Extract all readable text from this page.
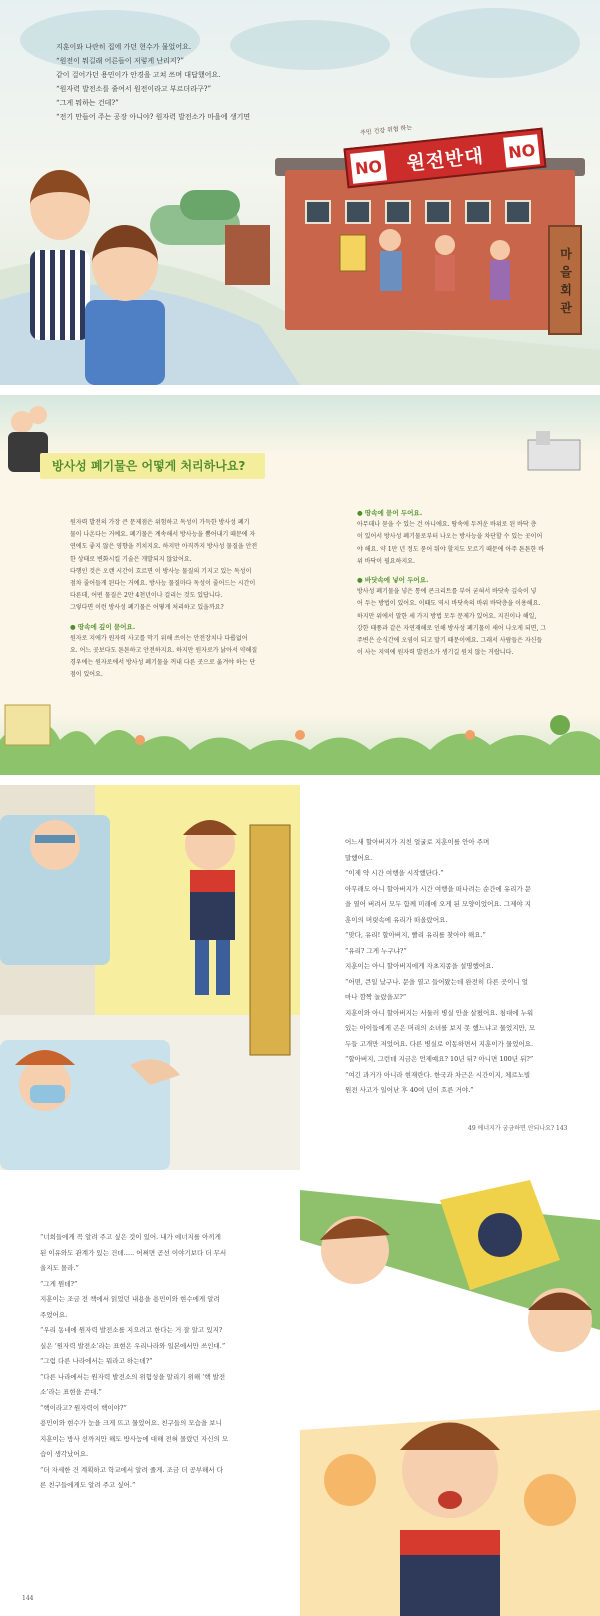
지훈이와 나란히 집에 가던 현수가 물었어요.

“원전이 뭐길래 어른들이 저렇게 난리지?”

같이 걸어가던 용민이가 안경을 고쳐 쓰며 대답했어요.

“원자력 발전소를 줄여서 원전이라고 부르더라구?”

“그게 뭐하는 건데?”

“전기 만들어 주는 공장 아니야? 원자력 발전소가 마을에 생기면

주민 건강 위협 하는
NO 원전반대 NO
마을 회관
방사성 폐기물은 어떻게 처리하나요?

원자력 발전의 가장 큰 문제점은 위험하고 독성이 가득한 방사성 폐기

물이 나온다는 거예요. 폐기물은 계속해서 방사능을 뿜어내기 때문에 자

연에도 좋지 않은 영향을 끼치지요. 하지만 아직까지 방사성 물질을 안전

한 상태로 변화시킬 기술은 개발되지 않았어요.

다행인 것은 오랜 시간이 흐르면 이 방사능 물질의 기지고 있는 독성이

점차 줄어들게 된다는 거예요. 방사능 물질마다 독성이 줄어드는 시간이

다른데, 어떤 물질은 2만 4천년이나 걸리는 것도 있답니다.

그렇다면 이런 방사성 폐기물은 어떻게 처리하고 있을까요?

● 땅속에 깊이 묻어요.

원자로 지에가 원자력 사고를 막기 위해 쓰이는 안전장치나 다룹없어

요. 어느 곳보다도 튼튼하고 안전하지요. 하지만 원자로가 낡아서 약해질

경우에는 원자로에서 방사성 폐기물을 꺼내 다른 곳으로 옮겨야 하는 단

점이 있어요.

● 땅속에 묻어 두어요.

아무데나 묻을 수 있는 건 아니에요. 땅속에 두꺼운 바위로 된 바닥 층

이 있어서 방사성 폐기물로부터 나오는 방사능을 차단할 수 있는 곳이어

야 해요. 약 1만 년 정도 묻어 둬야 할지도 모르기 때문에 아주 튼튼한 바

위 바닥이 필요하지요.

● 바닷속에 넣어 두어요.

방사성 폐기물을 넣은 통에 콘크리트를 부어 굳혀서 바닷속 깊숙이 넣

어 두는 방법이 있어요. 이때도 역시 바닷속의 바위 바닥층을 이용해요.

하지만 위에서 말한 세 가지 방법 모두 문제가 있어요. 지진이나 해일,

강한 태풍과 같은 자연재해로 인해 방사성 폐기물이 새어 나오게 되면, 그

주변은 순식간에 오염이 되고 말기 때문이에요. 그래서 사람들은 자신들

이 사는 지역에 원자력 발전소가 생기길 원치 않는 거랍니다.

어느새 할아버지가 지친 얼굴로 지훈이를 안아 주며

말했어요.

“이제 약 시간 여행을 시작했단다.”

아무래도 아니 할아버지가 시간 여행을 떠나려는 순간에 유리가 문

을 열어 버려서 모두 함께 미래에 오게 된 모양이었어요. 그제야 지

훈이의 머릿속에 유리가 떠올랐어요.

“맞다, 유리! 할아버지, 빨리 유리를 찾아야 해요.”

“유리? 그게 누구냐?”

지훈이는 아니 할아버지에게 자초지종을 설명했어요.

“어떤, 큰일 났구나. 문을 열고 들어왔는데 완전히 다른 곳이니 얼

마나 깜짝 놀랐을꼬?”

지훈이와 아니 할아버지는 서둘러 병실 안을 살폈어요. 침대에 누워

있는 아이들에게 곤은 머리의 소녀를 보지 못 했느냐고 물었지만, 모

두들 고개만 저었어요. 다른 병실로 이동하면서 지훈이가 물었어요.

“할아버지, 그런데 지금은 언제예요? 10년 뒤? 아니면 100년 뒤?”

“여긴 과거가 아니라 현재란다. 한국과 차근은 시간이지, 체르노빌

원전 사고가 일어난 후 40여 년이 흐른 거야.”

49 에너지가 궁금하면 안되나요? 143

“너희들에게 꼭 알려 주고 싶은 것이 있어. 내가 에너지를 아끼게

된 이유와도 관계가 있는 건데….. 어쩌면 곧선 이야기보다 더 무서

울지도 몰라.”

“그게 뭔데?”

지훈이는 조금 전 책에서 읽었던 내용을 용민이와 현수에게 알려

주었어요.

“우리 동네에 원자력 발전소를 지으려고 한다는 거 잘 알고 있지?

실은 ‘원자력 발전소’라는 표현은 우리나라와 일본에서만 쓰인대.”

“그럼 다른 나라에서는 뭐라고 하는데?”

“다른 나라에서는 원자력 발전소의 위험성을 알리기 위해 ‘핵 발전

소’라는 표현을 쓴대.”

“핵이라고? 원자력이 핵이야?”

용민이와 현수가 눈을 크게 뜨고 물었어요. 친구들의 모습을 보니

지훈이는 방사 선까지만 해도 방사능에 대해 전혀 몰랐던 자신의 모

습이 생각났어요.

“더 자세한 건 계획하고 학교에서 알려 줄게. 조금 더 공부해서 다

른 친구들에게도 알려 주고 싶어.”

144
